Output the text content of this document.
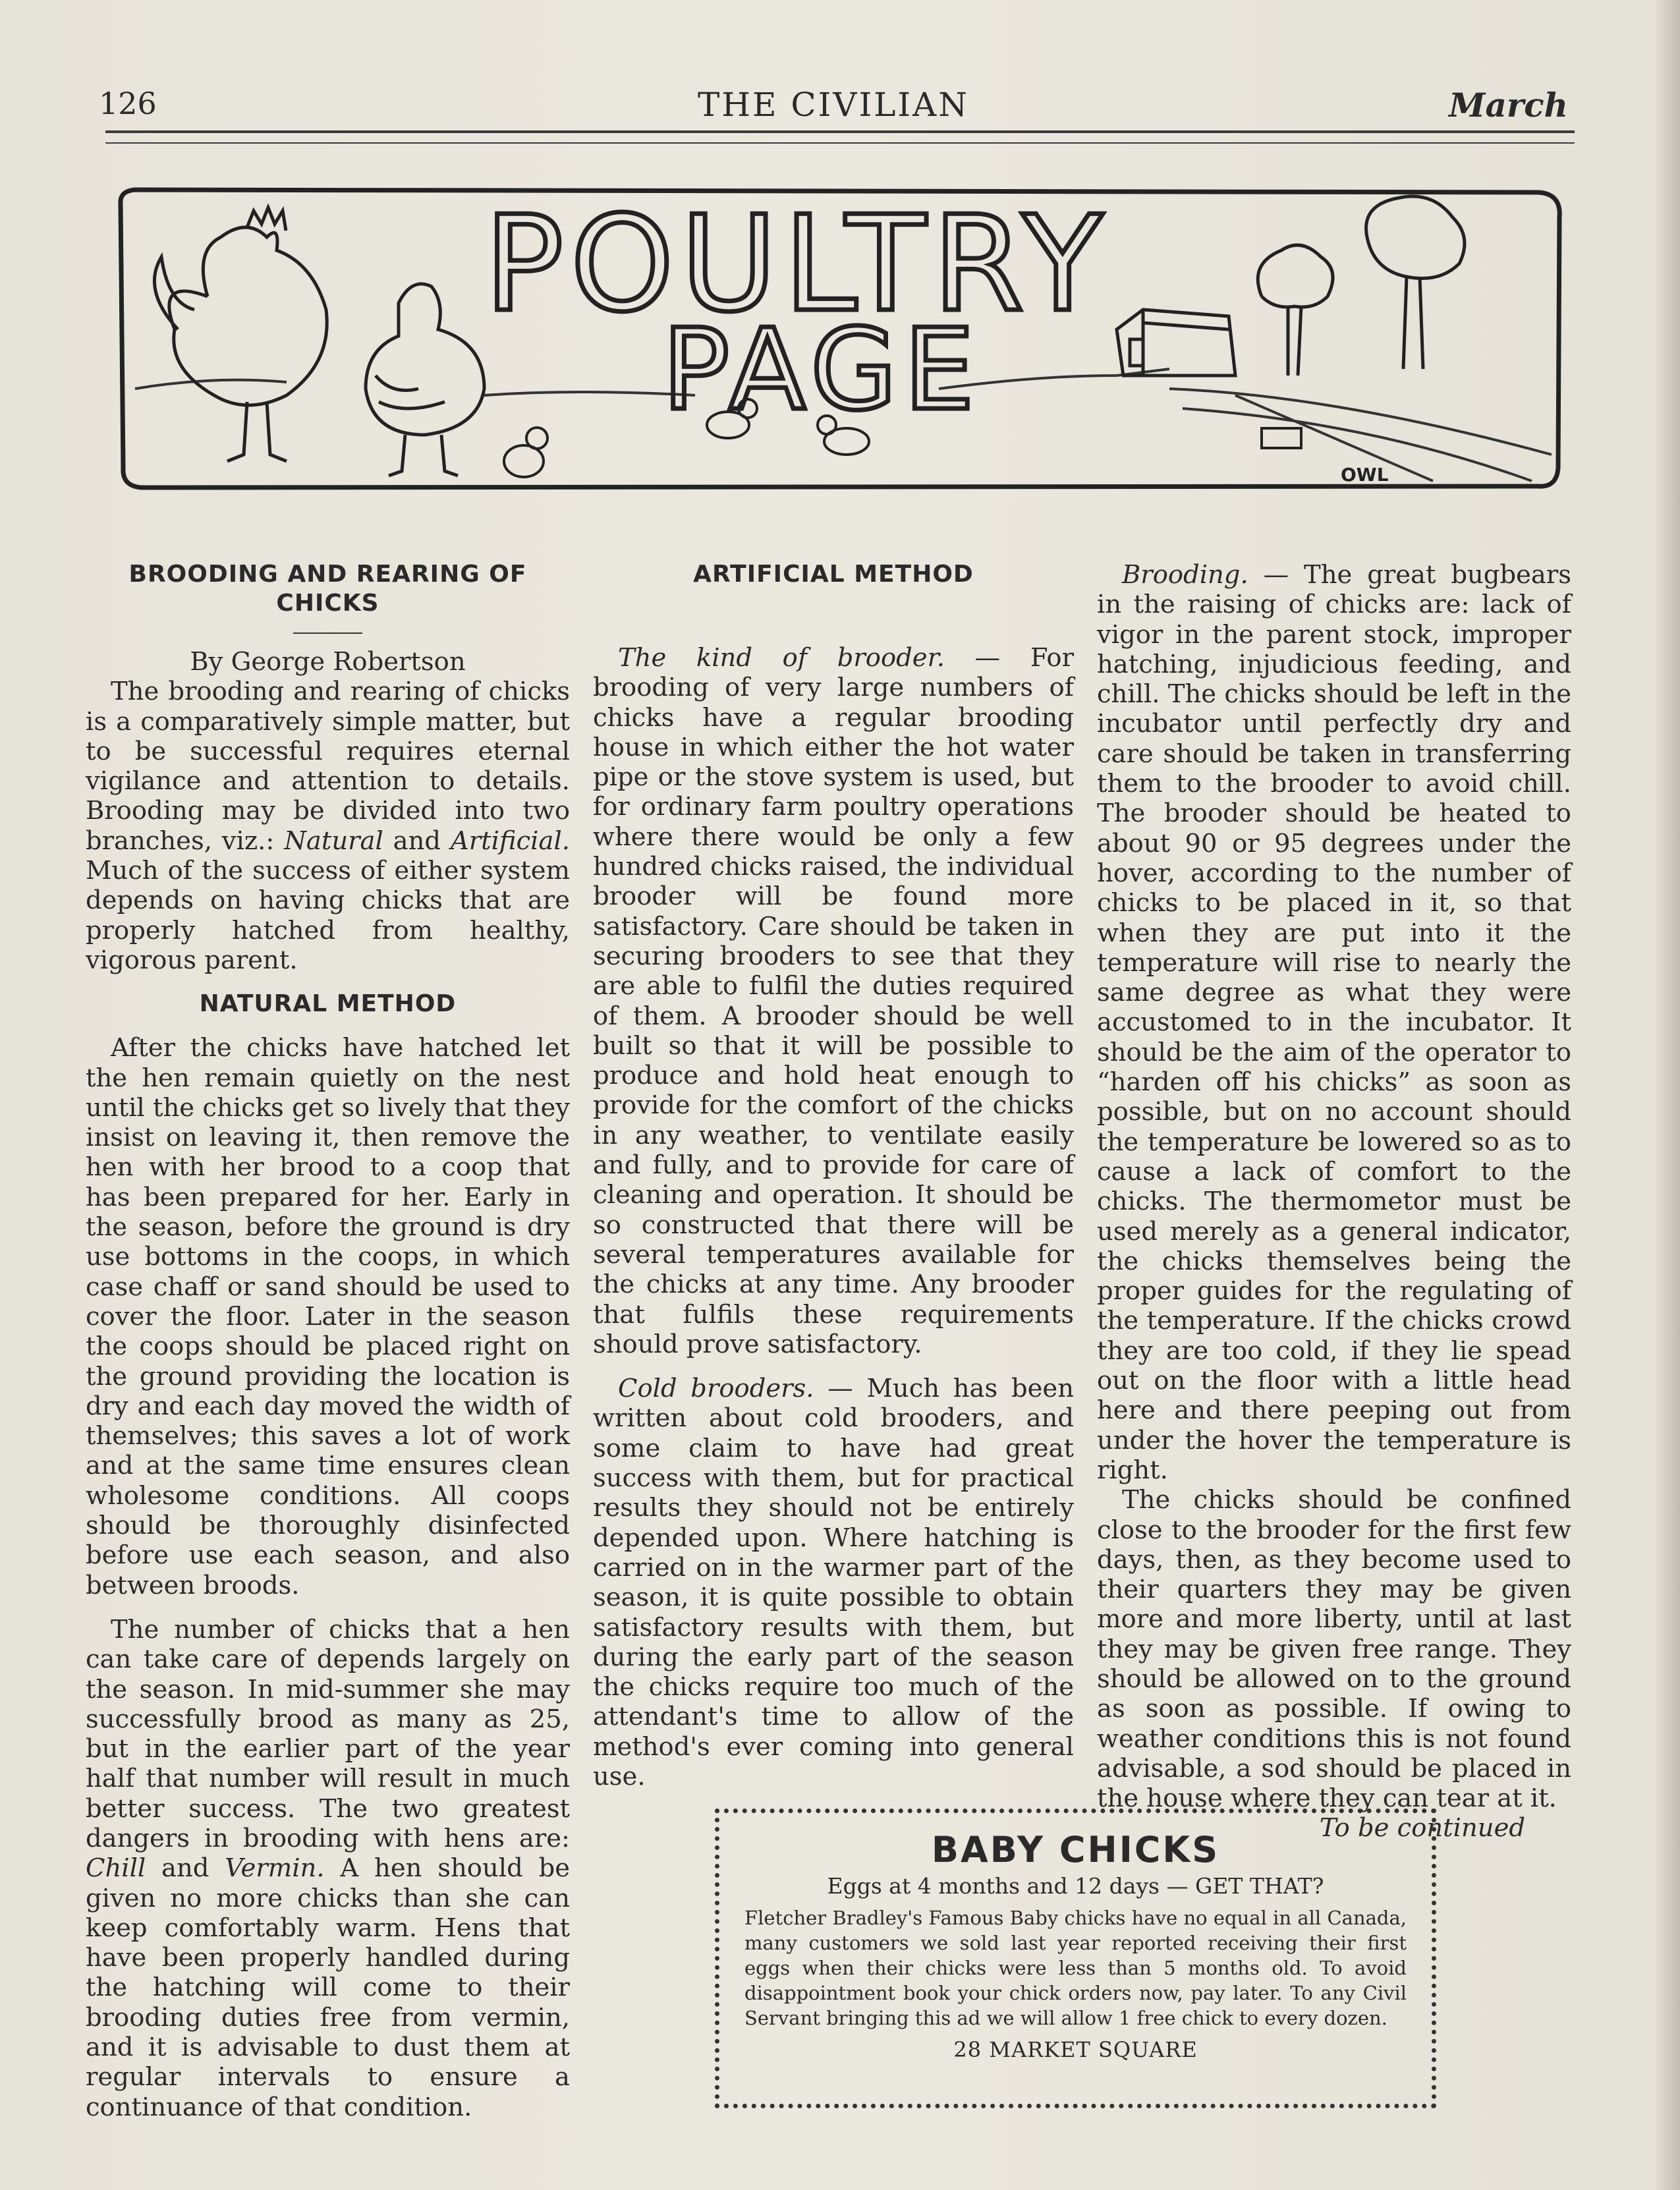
126	THE CIVILIAN	March
POULTRY
PAGE
OWL
BROODING AND REARING OF
CHICKS

By George Robertson

The brooding and rearing of chicks is a comparatively simple matter, but to be successful requires eternal vigilance and attention to details. Brooding may be divided into two branches, viz.: Natural and Artificial. Much of the success of either system depends on having chicks that are properly hatched from healthy, vigorous parent.

NATURAL METHOD

After the chicks have hatched let the hen remain quietly on the nest until the chicks get so lively that they insist on leaving it, then remove the hen with her brood to a coop that has been prepared for her. Early in the season, before the ground is dry use bottoms in the coops, in which case chaff or sand should be used to cover the floor. Later in the season the coops should be placed right on the ground providing the location is dry and each day moved the width of themselves; this saves a lot of work and at the same time ensures clean wholesome conditions. All coops should be thoroughly disinfected before use each season, and also between broods.

The number of chicks that a hen can take care of depends largely on the season. In mid-summer she may successfully brood as many as 25, but in the earlier part of the year half that number will result in much better success. The two greatest dangers in brooding with hens are: Chill and Vermin. A hen should be given no more chicks than she can keep comfortably warm. Hens that have been properly handled during the hatching will come to their brooding duties free from vermin, and it is advisable to dust them at regular intervals to ensure a continuance of that condition.

ARTIFICIAL METHOD

The kind of brooder. — For brooding of very large numbers of chicks have a regular brooding house in which either the hot water pipe or the stove system is used, but for ordinary farm poultry operations where there would be only a few hundred chicks raised, the individual brooder will be found more satisfactory. Care should be taken in securing brooders to see that they are able to fulfil the duties required of them. A brooder should be well built so that it will be possible to produce and hold heat enough to provide for the comfort of the chicks in any weather, to ventilate easily and fully, and to provide for care of cleaning and operation. It should be so constructed that there will be several temperatures available for the chicks at any time. Any brooder that fulfils these requirements should prove satisfactory.

Cold brooders. — Much has been written about cold brooders, and some claim to have had great success with them, but for practical results they should not be entirely depended upon. Where hatching is carried on in the warmer part of the season, it is quite possible to obtain satisfactory results with them, but during the early part of the season the chicks require too much of the attendant's time to allow of the method's ever coming into general use.

Brooding. — The great bugbears in the raising of chicks are: lack of vigor in the parent stock, improper hatching, injudicious feeding, and chill. The chicks should be left in the incubator until perfectly dry and care should be taken in transferring them to the brooder to avoid chill. The brooder should be heated to about 90 or 95 degrees under the hover, according to the number of chicks to be placed in it, so that when they are put into it the temperature will rise to nearly the same degree as what they were accustomed to in the incubator. It should be the aim of the operator to “harden off his chicks” as soon as possible, but on no account should the temperature be lowered so as to cause a lack of comfort to the chicks. The thermometor must be used merely as a general indicator, the chicks themselves being the proper guides for the regulating of the temperature. If the chicks crowd they are too cold, if they lie spead out on the floor with a little head here and there peeping out from under the hover the temperature is right.

The chicks should be confined close to the brooder for the first few days, then, as they become used to their quarters they may be given more and more liberty, until at last they may be given free range. They should be allowed on to the ground as soon as possible. If owing to weather conditions this is not found advisable, a sod should be placed in the house where they can tear at it.

To be continued

BABY CHICKS
Eggs at 4 months and 12 days — GET THAT?
Fletcher Bradley's Famous Baby chicks have no equal in all Canada, many customers we sold last year reported receiving their first eggs when their chicks were less than 5 months old. To avoid disappointment book your chick orders now, pay later. To any Civil Servant bringing this ad we will allow 1 free chick to every dozen.
28 MARKET SQUARE
